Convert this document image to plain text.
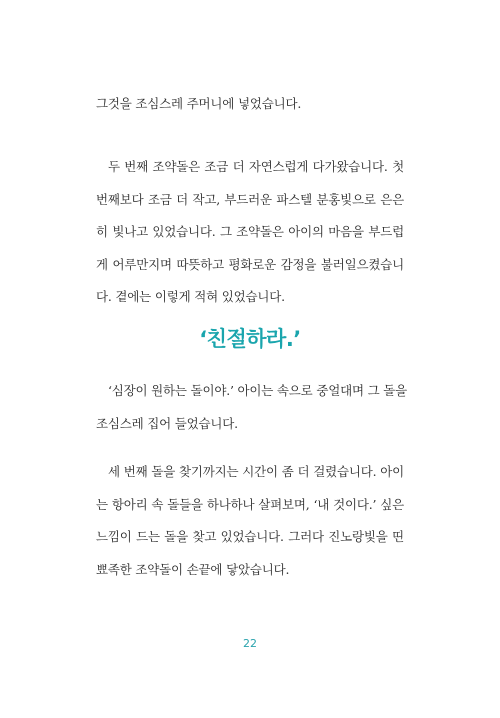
그것을 조심스레 주머니에 넣었습니다.

두 번째 조약돌은 조금 더 자연스럽게 다가왔습니다. 첫
번째보다 조금 더 작고, 부드러운 파스텔 분홍빛으로 은은
히 빛나고 있었습니다. 그 조약돌은 아이의 마음을 부드럽
게 어루만지며 따뜻하고 평화로운 감정을 불러일으켰습니
다. 곁에는 이렇게 적혀 있었습니다.

‘친절하라.’

‘심장이 원하는 돌이야.’ 아이는 속으로 중얼대며 그 돌을
조심스레 집어 들었습니다.

세 번째 돌을 찾기까지는 시간이 좀 더 걸렸습니다. 아이
는 항아리 속 돌들을 하나하나 살펴보며, ‘내 것이다.’ 싶은
느낌이 드는 돌을 찾고 있었습니다. 그러다 진노랑빛을 띤
뾰족한 조약돌이 손끝에 닿았습니다.

22
